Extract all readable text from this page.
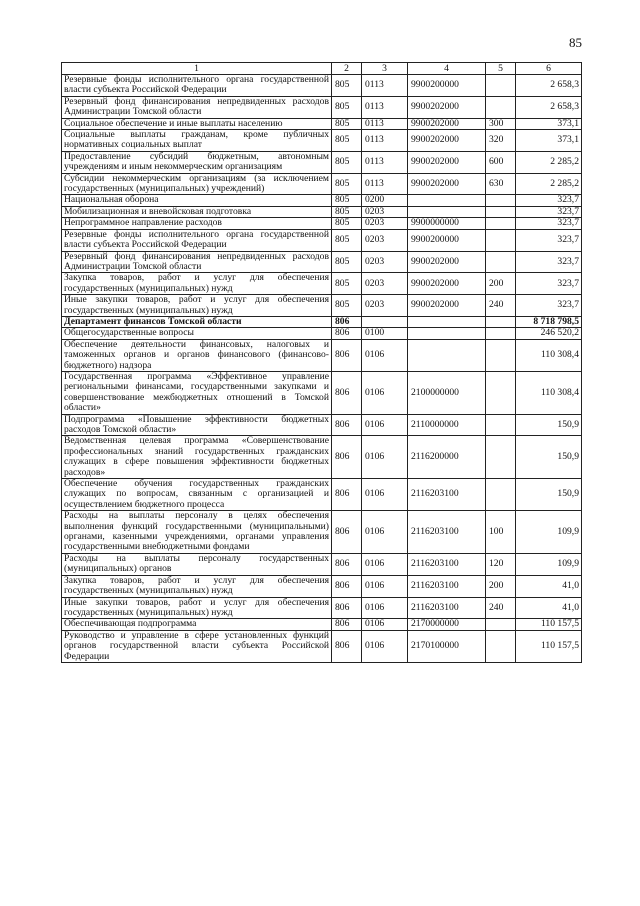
85
1	2	3	4	5	6
Резервные фонды исполнительного органа государственной власти субъекта Российской Федерации	805	0113	9900200000		2 658,3
Резервный фонд финансирования непредвиденных расходов Администрации Томской области	805	0113	9900202000		2 658,3
Социальное обеспечение и иные выплаты населению	805	0113	9900202000	300	373,1
Социальные выплаты гражданам, кроме публичных нормативных социальных выплат	805	0113	9900202000	320	373,1
Предоставление субсидий бюджетным, автономным учреждениям и иным некоммерческим организациям	805	0113	9900202000	600	2 285,2
Субсидии некоммерческим организациям (за исключением государственных (муниципальных) учреждений)	805	0113	9900202000	630	2 285,2
Национальная оборона	805	0200			323,7
Мобилизационная и вневойсковая подготовка	805	0203			323,7
Непрограммное направление расходов	805	0203	9900000000		323,7
Резервные фонды исполнительного органа государственной власти субъекта Российской Федерации	805	0203	9900200000		323,7
Резервный фонд финансирования непредвиденных расходов Администрации Томской области	805	0203	9900202000		323,7
Закупка товаров, работ и услуг для обеспечения государственных (муниципальных) нужд	805	0203	9900202000	200	323,7
Иные закупки товаров, работ и услуг для обеспечения государственных (муниципальных) нужд	805	0203	9900202000	240	323,7
Департамент финансов Томской области	806				8 718 798,5
Общегосударственные вопросы	806	0100			246 520,2
Обеспечение деятельности финансовых, налоговых и таможенных органов и органов финансового (финансово-бюджетного) надзора	806	0106			110 308,4
Государственная программа «Эффективное управление региональными финансами, государственными закупками и совершенствование межбюджетных отношений в Томской области»	806	0106	2100000000		110 308,4
Подпрограмма «Повышение эффективности бюджетных расходов Томской области»	806	0106	2110000000		150,9
Ведомственная целевая программа «Совершенствование профессиональных знаний государственных гражданских служащих в сфере повышения эффективности бюджетных расходов»	806	0106	2116200000		150,9
Обеспечение обучения государственных гражданских служащих по вопросам, связанным с организацией и осуществлением бюджетного процесса	806	0106	2116203100		150,9
Расходы на выплаты персоналу в целях обеспечения выполнения функций государственными (муниципальными) органами, казенными учреждениями, органами управления государственными внебюджетными фондами	806	0106	2116203100	100	109,9
Расходы на выплаты персоналу государственных (муниципальных) органов	806	0106	2116203100	120	109,9
Закупка товаров, работ и услуг для обеспечения государственных (муниципальных) нужд	806	0106	2116203100	200	41,0
Иные закупки товаров, работ и услуг для обеспечения государственных (муниципальных) нужд	806	0106	2116203100	240	41,0
Обеспечивающая подпрограмма	806	0106	2170000000		110 157,5
Руководство и управление в сфере установленных функций органов государственной власти субъекта Российской Федерации	806	0106	2170100000		110 157,5
